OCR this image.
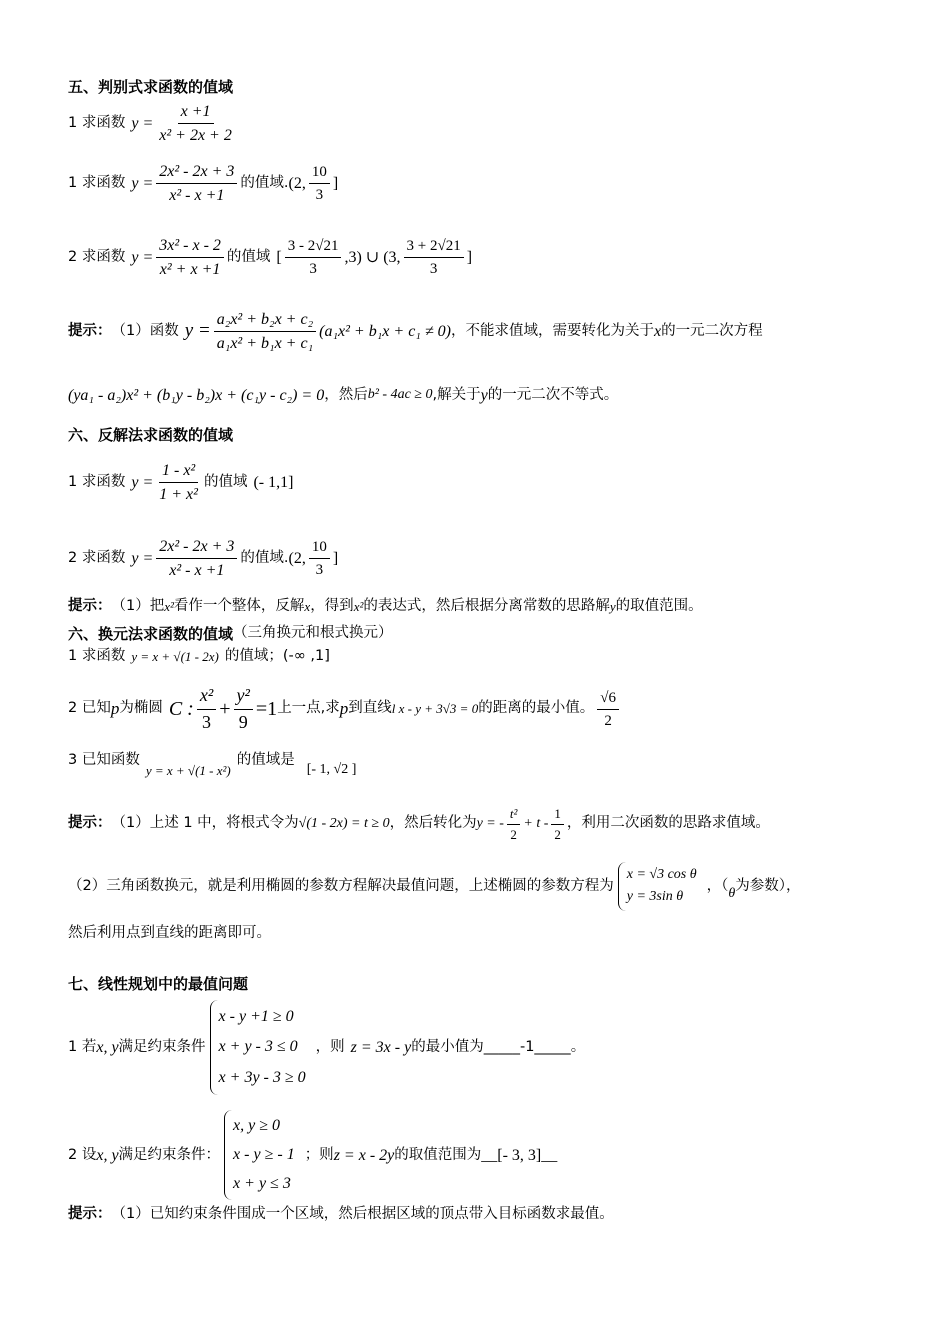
五、判别式求函数的值域
1 求函数 $y = \frac{x +1}{\text{x² + 2x + 2}}$
1 求函数 $y = \frac{\text{2x² - 2x + 3}}{\text{x² - x +1}}$ 的值域. (2, $\frac{10}{3}$ ]
2 求函数 $y = \frac{\text{3x² - x - 2}}{\text{x² + x +1}}$ 的值域 [ $\frac{3 - 2√21}{3} ,3$) ∪ (3, $\frac{3 + 2√21}{3}$ ]
提示： （1）函数 $y = \frac{\text{a₂x² + b₂x + c₂}}{\text{a₁x² + b₁x + c₁}} (a_1x^2 + b_1x + c_1 \ne 0)$ ，不能求值域，需要转化为关于 x 的一元二次方程
(ya₁ - a₂)x² + (b₁y - b₂)x + (c₁y - c₂) = 0 ，然后 b² - 4ac ≥ 0 ,解关于 y 的一元二次不等式。
六、反解法求函数的值域
1 求函数 $y = \frac{\text{1 - x²}}{\text{1 + x²}}$ 的值域 (- 1,1]
2 求函数 $y = \frac{\text{2x² - 2x + 3}}{\text{x² - x +1}}$ 的值域. (2, $\frac{10}{3}$ ]
提示： （1）把 x² 看作一个整体，反解 x ，得到 x² 的表达式，然后根据分离常数的思路解 y 的取值范围。
六、换元法求函数的值域 （三角换元和根式换元）
1 求函数 y = x + √(1 - 2x) 的值域； (-∞ ,1]
2 已知 p 为椭圆 C : $\frac{\text{x²}}{3} + \frac{\text{y²}}{9} =1$ 上一点,求 p 到直线 l x - y + 3√3 = 0 的距离的最小值。 $\frac{√6}{2}$
3 已知函数
y = x + √(1 - x²)
的值域是
[- 1, √2 ]
提示： （1）上述 1 中，将根式令为 √(1 - 2x) = t ≥ 0 ，然后转化为 y = - $\frac{\text{t²}}{2} + t - \frac{1}{2}$ ，利用二次函数的思路求值域。
（2）三角函数换元，就是利用椭圆的参数方程解决最值问题，上述椭圆的参数方程为
x = √3 cos θ
y = 3sin θ
，（ θ 为参数），
然后利用点到直线的距离即可。
七、线性规划中的最值问题
1 若 x, y 满足约束条件
x - y +1 ≥ 0
x + y - 3 ≤ 0
x + 3y - 3 ≥ 0
，则 z = 3x - y 的最小值为 _____-1_____ 。
2 设 x, y 满足约束条件：
x, y ≥ 0
x - y ≥ - 1
x + y ≤ 3
；则 z = x - 2y 的取值范围为 __[- 3, 3]__
提示： （1）已知约束条件围成一个区域，然后根据区域的顶点带入目标函数求最值。
